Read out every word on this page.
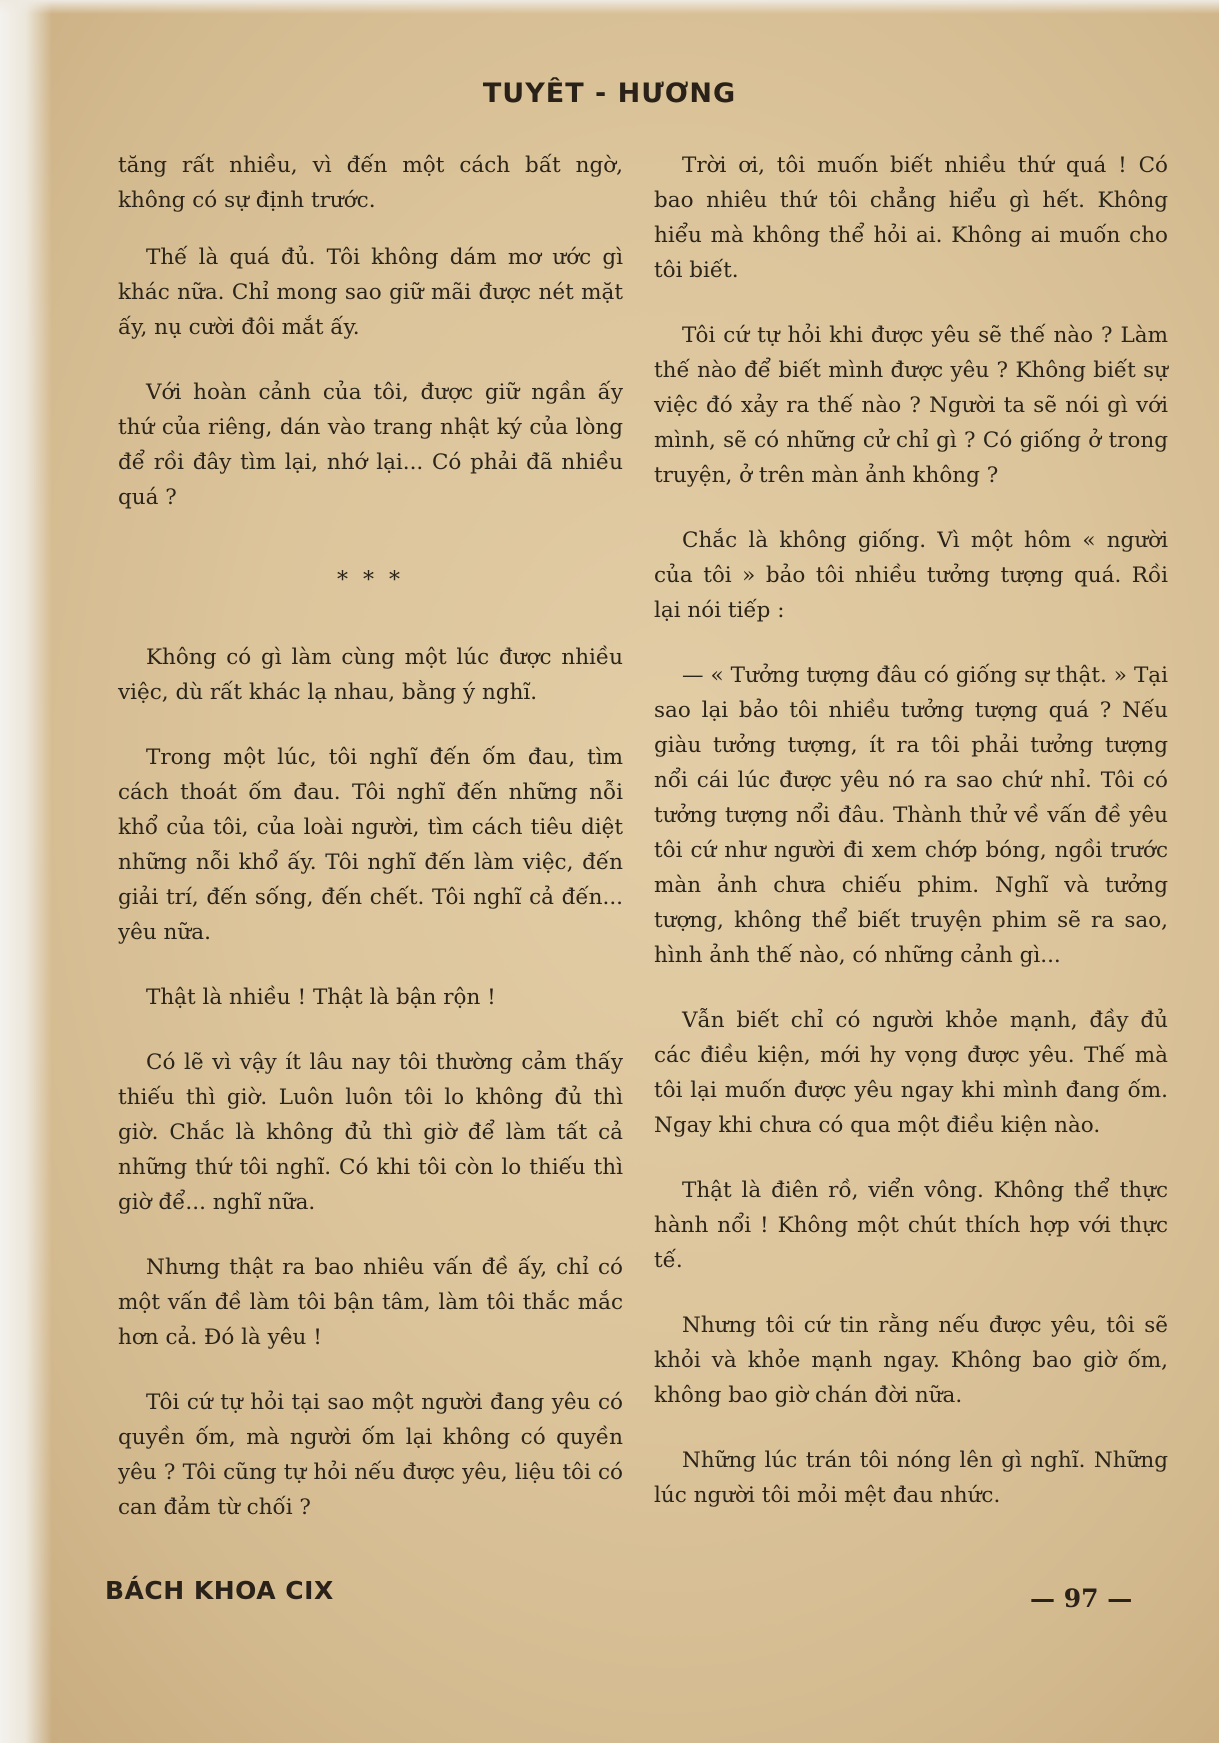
TUYÊT - HƯƠNG

tăng rất nhiều, vì đến một cách bất ngờ, không có sự định trước.

Thế là quá đủ. Tôi không dám mơ ước gì khác nữa. Chỉ mong sao giữ mãi được nét mặt ấy, nụ cười đôi mắt ấy.

Với hoàn cảnh của tôi, được giữ ngần ấy thứ của riêng, dán vào trang nhật ký của lòng để rồi đây tìm lại, nhớ lại... Có phải đã nhiều quá ?

* * *

Không có gì làm cùng một lúc được nhiều việc, dù rất khác lạ nhau, bằng ý nghĩ.

Trong một lúc, tôi nghĩ đến ốm đau, tìm cách thoát ốm đau. Tôi nghĩ đến những nỗi khổ của tôi, của loài người, tìm cách tiêu diệt những nỗi khổ ấy. Tôi nghĩ đến làm việc, đến giải trí, đến sống, đến chết. Tôi nghĩ cả đến... yêu nữa.

Thật là nhiều ! Thật là bận rộn !

Có lẽ vì vậy ít lâu nay tôi thường cảm thấy thiếu thì giờ. Luôn luôn tôi lo không đủ thì giờ. Chắc là không đủ thì giờ để làm tất cả những thứ tôi nghĩ. Có khi tôi còn lo thiếu thì giờ để... nghĩ nữa.

Nhưng thật ra bao nhiêu vấn đề ấy, chỉ có một vấn đề làm tôi bận tâm, làm tôi thắc mắc hơn cả. Đó là yêu !

Tôi cứ tự hỏi tại sao một người đang yêu có quyền ốm, mà người ốm lại không có quyền yêu ? Tôi cũng tự hỏi nếu được yêu, liệu tôi có can đảm từ chối ?

Trời ơi, tôi muốn biết nhiều thứ quá ! Có bao nhiêu thứ tôi chẳng hiểu gì hết. Không hiểu mà không thể hỏi ai. Không ai muốn cho tôi biết.

Tôi cứ tự hỏi khi được yêu sẽ thế nào ? Làm thế nào để biết mình được yêu ? Không biết sự việc đó xảy ra thế nào ? Người ta sẽ nói gì với mình, sẽ có những cử chỉ gì ? Có giống ở trong truyện, ở trên màn ảnh không ?

Chắc là không giống. Vì một hôm « người của tôi » bảo tôi nhiều tưởng tượng quá. Rồi lại nói tiếp :

— « Tưởng tượng đâu có giống sự thật. » Tại sao lại bảo tôi nhiều tưởng tượng quá ? Nếu giàu tưởng tượng, ít ra tôi phải tưởng tượng nổi cái lúc được yêu nó ra sao chứ nhỉ. Tôi có tưởng tượng nổi đâu. Thành thử về vấn đề yêu tôi cứ như người đi xem chớp bóng, ngồi trước màn ảnh chưa chiếu phim. Nghĩ và tưởng tượng, không thể biết truyện phim sẽ ra sao, hình ảnh thế nào, có những cảnh gì...

Vẫn biết chỉ có người khỏe mạnh, đầy đủ các điều kiện, mới hy vọng được yêu. Thế mà tôi lại muốn được yêu ngay khi mình đang ốm. Ngay khi chưa có qua một điều kiện nào.

Thật là điên rồ, viển vông. Không thể thực hành nổi ! Không một chút thích hợp với thực tế.

Nhưng tôi cứ tin rằng nếu được yêu, tôi sẽ khỏi và khỏe mạnh ngay. Không bao giờ ốm, không bao giờ chán đời nữa.

Những lúc trán tôi nóng lên gì nghĩ. Những lúc người tôi mỏi mệt đau nhức.

BÁCH KHOA CIX	— 97 —
